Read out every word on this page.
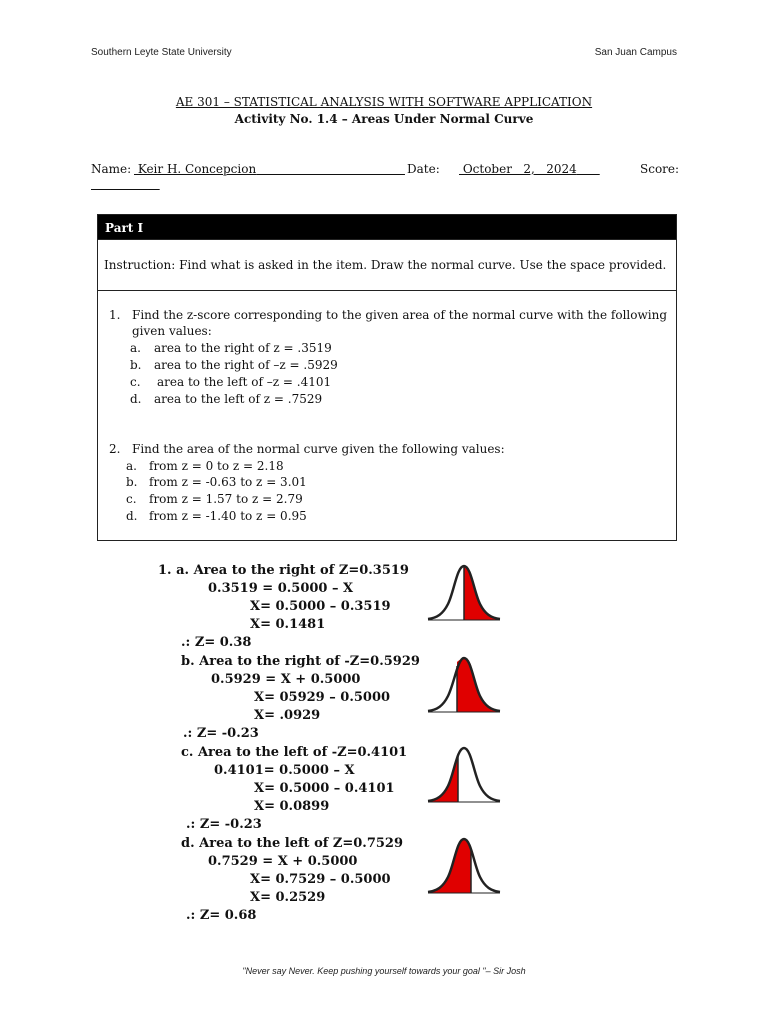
Southern Leyte State University	San Juan Campus
AE 301 – STATISTICAL ANALYSIS WITH SOFTWARE APPLICATION
Activity No. 1.4 – Areas Under Normal Curve
Name: Keir H. Concepcion	Date: October   2,   2024	Score:

Part I
Instruction: Find what is asked in the item. Draw the normal curve. Use the space provided.
1. Find the z-score corresponding to the given area of the normal curve with the following
given values:
a. area to the right of z = .3519
b. area to the right of –z = .5929
c. area to the left of –z = .4101
d. area to the left of z = .7529
2. Find the area of the normal curve given the following values:
a. from z = 0 to z = 2.18
b. from z = -0.63 to z = 3.01
c. from z = 1.57 to z = 2.79
d. from z = -1.40 to z = 0.95
1. a. Area to the right of Z=0.3519
0.3519 = 0.5000 – X
X= 0.5000 – 0.3519
X= 0.1481
.: Z= 0.38
b. Area to the right of -Z=0.5929
0.5929 = X + 0.5000
X= 05929 – 0.5000
X= .0929
.: Z= -0.23
c. Area to the left of -Z=0.4101
0.4101= 0.5000 – X
X= 0.5000 – 0.4101
X= 0.0899
.: Z= -0.23
d. Area to the left of Z=0.7529
0.7529 = X + 0.5000
X= 0.7529 – 0.5000
X= 0.2529
.: Z= 0.68
"Never say Never. Keep pushing yourself towards your goal "– Sir Josh
